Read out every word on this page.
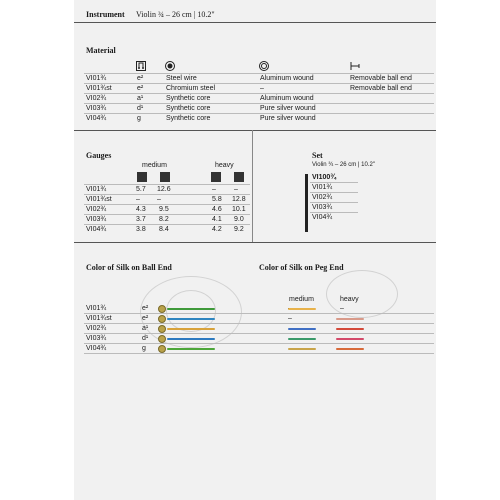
Instrument Violin ¾ – 26 cm | 10.2"
Material
VI01¾	e²	Steel wire	Aluminum wound	Removable ball end
VI01¾st	e²	Chromium steel	–	Removable ball end
VI02¾	a¹	Synthetic core	Aluminum wound
VI03¾	d¹	Synthetic core	Pure silver wound
VI04¾	g	Synthetic core	Pure silver wound
Gauges
medium	heavy
VI01¾	5.7 12.6	–	–
VI01¾st	– –	5.8 12.8
VI02¾	4.3 9.5	4.6 10.1
VI03¾	3.7 8.2	4.1 9.0
VI04¾	3.8 8.4	4.2 9.2
Set
Violin ¾ – 26 cm | 10.2"
VI100¾
VI01¾
VI02¾
VI03¾
VI04¾
Color of Silk on Ball End	Color of Silk on Peg End
medium	heavy
VI01¾	e²	–
VI01¾st	e²	–
VI02¾	a¹
VI03¾	d¹
VI04¾	g
